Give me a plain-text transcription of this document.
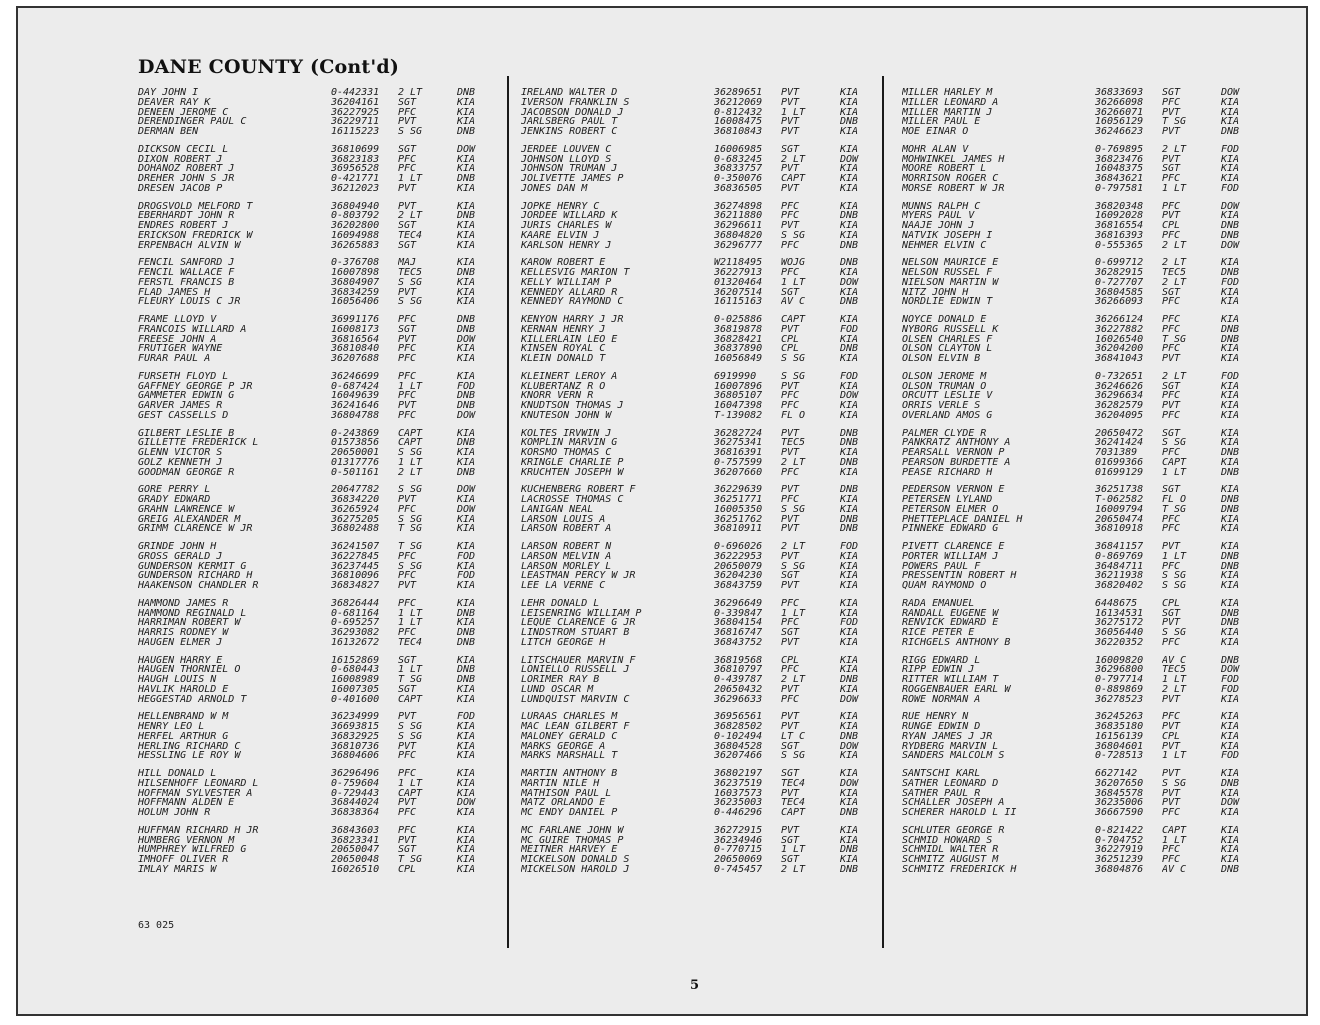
DANE COUNTY (Cont'd)
DAY JOHN I	0-442331	2 LT	DNB
DEAVER RAY K	36204161	SGT	KIA
DENEEN JEROME C	36227925	PFC	KIA
DERENDINGER PAUL C	36229711	PVT	KIA
DERMAN BEN	16115223	S SG	DNB
DICKSON CECIL L	36810699	SGT	DOW
DIXON ROBERT J	36823183	PFC	KIA
DOHANOZ ROBERT J	36956528	PFC	KIA
DREHER JOHN S JR	0-421771	1 LT	DNB
DRESEN JACOB P	36212023	PVT	KIA
DROGSVOLD MELFORD T	36804940	PVT	KIA
EBERHARDT JOHN R	0-803792	2 LT	DNB
ENDRES ROBERT J	36202800	SGT	KIA
ERICKSON FREDRICK W	16094988	TEC4	KIA
ERPENBACH ALVIN W	36265883	SGT	KIA
FENCIL SANFORD J	0-376708	MAJ	KIA
FENCIL WALLACE F	16007898	TEC5	DNB
FERSTL FRANCIS B	36804907	S SG	KIA
FLAD JAMES H	36834259	PVT	KIA
FLEURY LOUIS C JR	16056406	S SG	KIA
FRAME LLOYD V	36991176	PFC	DNB
FRANCOIS WILLARD A	16008173	SGT	DNB
FREESE JOHN A	36816564	PVT	DOW
FRUTIGER WAYNE	36810840	PFC	KIA
FURAR PAUL A	36207688	PFC	KIA
FURSETH FLOYD L	36246699	PFC	KIA
GAFFNEY GEORGE P JR	0-687424	1 LT	FOD
GAMMETER EDWIN G	16049639	PFC	DNB
GARVER JAMES R	36241646	PVT	DNB
GEST CASSELLS D	36804788	PFC	DOW
GILBERT LESLIE B	0-243869	CAPT	KIA
GILLETTE FREDERICK L	01573856	CAPT	DNB
GLENN VICTOR S	20650001	S SG	KIA
GOLZ KENNETH J	01317776	1 LT	KIA
GOODMAN GEORGE R	0-501161	2 LT	DNB
GORE PERRY L	20647782	S SG	DOW
GRADY EDWARD	36834220	PVT	KIA
GRAHN LAWRENCE W	36265924	PFC	DOW
GREIG ALEXANDER M	36275205	S SG	KIA
GRIMM CLARENCE W JR	36802488	T SG	KIA
GRINDE JOHN H	36241507	T SG	KIA
GROSS GERALD J	36227845	PFC	FOD
GUNDERSON KERMIT G	36237445	S SG	KIA
GUNDERSON RICHARD H	36810096	PFC	FOD
HAAKENSON CHANDLER R	36834827	PVT	KIA
HAMMOND JAMES R	36826444	PFC	KIA
HAMMOND REGINALD L	0-681164	1 LT	DNB
HARRIMAN ROBERT W	0-695257	1 LT	KIA
HARRIS RODNEY W	36293082	PFC	DNB
HAUGEN ELMER J	16132672	TEC4	DNB
HAUGEN HARRY E	16152869	SGT	KIA
HAUGEN THORNIEL O	0-680443	1 LT	DNB
HAUGH LOUIS N	16008989	T SG	DNB
HAVLIK HAROLD E	16007305	SGT	KIA
HEGGESTAD ARNOLD T	0-401600	CAPT	KIA
HELLENBRAND W M	36234999	PVT	FOD
HENRY LEO L	36693815	S SG	KIA
HERFEL ARTHUR G	36832925	S SG	KIA
HERLING RICHARD C	36810736	PVT	KIA
HESSLING LE ROY W	36804606	PFC	KIA
HILL DONALD L	36296496	PFC	KIA
HILSENHOFF LEONARD L	0-759604	1 LT	KIA
HOFFMAN SYLVESTER A	0-729443	CAPT	KIA
HOFFMANN ALDEN E	36844024	PVT	DOW
HOLUM JOHN R	36838364	PFC	KIA
HUFFMAN RICHARD H JR	36843603	PFC	KIA
HUMBERG VERNON M	36823341	PVT	KIA
HUMPHREY WILFRED G	20650047	SGT	KIA
IMHOFF OLIVER R	20650048	T SG	KIA
IMLAY MARIS W	16026510	CPL	KIA
IRELAND WALTER D	36289651	PVT	KIA
IVERSON FRANKLIN S	36212069	PVT	KIA
JACOBSON DONALD J	0-812432	1 LT	KIA
JARLSBERG PAUL T	16008475	PVT	DNB
JENKINS ROBERT C	36810843	PVT	KIA
JERDEE LOUVEN C	16006985	SGT	KIA
JOHNSON LLOYD S	0-683245	2 LT	DOW
JOHNSON TRUMAN J	36833757	PVT	KIA
JOLIVETTE JAMES P	0-350076	CAPT	KIA
JONES DAN M	36836505	PVT	KIA
JOPKE HENRY C	36274898	PFC	KIA
JORDEE WILLARD K	36211880	PFC	DNB
JURIS CHARLES W	36296611	PVT	KIA
KAARE ELVIN J	36804820	S SG	KIA
KARLSON HENRY J	36296777	PFC	DNB
KAROW ROBERT E	W2118495	WOJG	DNB
KELLESVIG MARION T	36227913	PFC	KIA
KELLY WILLIAM P	01320464	1 LT	DOW
KENNEDY ALLARD R	36207514	SGT	KIA
KENNEDY RAYMOND C	16115163	AV C	DNB
KENYON HARRY J JR	0-025886	CAPT	KIA
KERNAN HENRY J	36819878	PVT	FOD
KILLERLAIN LEO E	36828421	CPL	KIA
KINSEN ROYAL C	36837890	CPL	DNB
KLEIN DONALD T	16056849	S SG	KIA
KLEINERT LEROY A	6919990	S SG	FOD
KLUBERTANZ R O	16007896	PVT	KIA
KNORR VERN R	36805107	PFC	DOW
KNUDTSON THOMAS J	16047398	PFC	KIA
KNUTESON JOHN W	T-139082	FL O	KIA
KOLTES IRVWIN J	36282724	PVT	DNB
KOMPLIN MARVIN G	36275341	TEC5	DNB
KORSMO THOMAS C	36816391	PVT	KIA
KRINGLE CHARLIE P	0-757599	2 LT	DNB
KRUCHTEN JOSEPH W	36207660	PFC	KIA
KUCHENBERG ROBERT F	36229639	PVT	DNB
LACROSSE THOMAS C	36251771	PFC	KIA
LANIGAN NEAL	16005350	S SG	KIA
LARSON LOUIS A	36251762	PVT	DNB
LARSON ROBERT A	36810911	PVT	DNB
LARSON ROBERT N	0-696026	2 LT	FOD
LARSON MELVIN A	36222953	PVT	KIA
LARSON MORLEY L	20650079	S SG	KIA
LEASTMAN PERCY W JR	36204230	SGT	KIA
LEE LA VERNE C	36843759	PVT	KIA
LEHR DONALD L	36296649	PFC	KIA
LEISENRING WILLIAM P	0-339847	1 LT	KIA
LEQUE CLARENCE G JR	36804154	PFC	FOD
LINDSTROM STUART B	36816747	SGT	KIA
LITCH GEORGE H	36843752	PVT	KIA
LITSCHAUER MARVIN F	36819568	CPL	KIA
LONIELLO RUSSELL J	36810797	PFC	KIA
LORIMER RAY B	0-439787	2 LT	DNB
LUND OSCAR M	20650432	PVT	KIA
LUNDQUIST MARVIN C	36296633	PFC	DOW
LURAAS CHARLES M	36956561	PVT	KIA
MAC LEAN GILBERT F	36828502	PVT	KIA
MALONEY GERALD C	0-102494	LT C	DNB
MARKS GEORGE A	36804528	SGT	DOW
MARKS MARSHALL T	36207466	S SG	KIA
MARTIN ANTHONY B	36802197	SGT	KIA
MARTIN NILE H	36237519	TEC4	DOW
MATHISON PAUL L	16037573	PVT	KIA
MATZ ORLANDO E	36235003	TEC4	KIA
MC ENDY DANIEL P	0-446296	CAPT	DNB
MC FARLANE JOHN W	36272915	PVT	KIA
MC GUIRE THOMAS P	36234946	SGT	KIA
MEITNER HARVEY E	0-770715	1 LT	DNB
MICKELSON DONALD S	20650069	SGT	KIA
MICKELSON HAROLD J	0-745457	2 LT	DNB
MILLER HARLEY M	36833693	SGT	DOW
MILLER LEONARD A	36266098	PFC	KIA
MILLER MARTIN J	36266071	PVT	KIA
MILLER PAUL E	16056129	T SG	KIA
MOE EINAR O	36246623	PVT	DNB
MOHR ALAN V	0-769895	2 LT	FOD
MOHWINKEL JAMES H	36823476	PVT	KIA
MOORE ROBERT L	16048375	SGT	KIA
MORRISON ROGER C	36843621	PFC	KIA
MORSE ROBERT W JR	0-797581	1 LT	FOD
MUNNS RALPH C	36820348	PFC	DOW
MYERS PAUL V	16092028	PVT	KIA
NAAJE JOHN J	36816554	CPL	DNB
NATVIK JOSEPH I	36816393	PFC	DNB
NEHMER ELVIN C	0-555365	2 LT	DOW
NELSON MAURICE E	0-699712	2 LT	KIA
NELSON RUSSEL F	36282915	TEC5	DNB
NIELSON MARTIN W	0-727707	2 LT	FOD
NITZ JOHN H	36804585	SGT	KIA
NORDLIE EDWIN T	36266093	PFC	KIA
NOYCE DONALD E	36266124	PFC	KIA
NYBORG RUSSELL K	36227882	PFC	DNB
OLSEN CHARLES F	16026540	T SG	DNB
OLSON CLAYTON L	36204200	PFC	KIA
OLSON ELVIN B	36841043	PVT	KIA
OLSON JEROME M	0-732651	2 LT	FOD
OLSON TRUMAN O	36246626	SGT	KIA
ORCUTT LESLIE V	36296634	PFC	KIA
ORRIS VERLE S	36282579	PVT	KIA
OVERLAND AMOS G	36204095	PFC	KIA
PALMER CLYDE R	20650472	SGT	KIA
PANKRATZ ANTHONY A	36241424	S SG	KIA
PEARSALL VERNON P	7031389	PFC	DNB
PEARSON BURDETTE A	01699366	CAPT	KIA
PEASE RICHARD H	01699129	1 LT	DNB
PEDERSON VERNON E	36251738	SGT	KIA
PETERSEN LYLAND	T-062582	FL O	DNB
PETERSON ELMER O	16009794	T SG	DNB
PHETTEPLACE DANIEL H	20650474	PFC	KIA
PINNEKE EDWARD G	36810918	PFC	KIA
PIVETT CLARENCE E	36841157	PVT	KIA
PORTER WILLIAM J	0-869769	1 LT	DNB
POWERS PAUL F	36484711	PFC	DNB
PRESSENTIN ROBERT H	36211938	S SG	KIA
QUAM RAYMOND O	36820402	S SG	KIA
RADA EMANUEL	6448675	CPL	KIA
RANDALL EUGENE W	16134531	SGT	DNB
RENVICK EDWARD E	36275172	PVT	DNB
RICE PETER E	36056440	S SG	KIA
RICHGELS ANTHONY B	36220352	PFC	KIA
RIGG EDWARD L	16009820	AV C	DNB
RIPP EDWIN J	36296800	TEC5	DOW
RITTER WILLIAM T	0-797714	1 LT	FOD
ROGGENBAUER EARL W	0-889869	2 LT	FOD
ROWE NORMAN A	36278523	PVT	KIA
RUE HENRY N	36245263	PFC	KIA
RUNGE EDWIN D	36835180	PVT	KIA
RYAN JAMES J JR	16156139	CPL	KIA
RYDBERG MARVIN L	36804601	PVT	KIA
SANDERS MALCOLM S	0-728513	1 LT	FOD
SANTSCHI KARL	6627142	PVT	KIA
SATHER LEONARD D	36207650	S SG	DNB
SATHER PAUL R	36845578	PVT	KIA
SCHALLER JOSEPH A	36235006	PVT	DOW
SCHERER HAROLD L II	36667590	PFC	KIA
SCHLUTER GEORGE R	0-821422	CAPT	KIA
SCHMID HOWARD S	0-704752	1 LT	KIA
SCHMIDL WALTER R	36227919	PFC	KIA
SCHMITZ AUGUST M	36251239	PFC	KIA
SCHMITZ FREDERICK H	36804876	AV C	DNB
63 025
5
